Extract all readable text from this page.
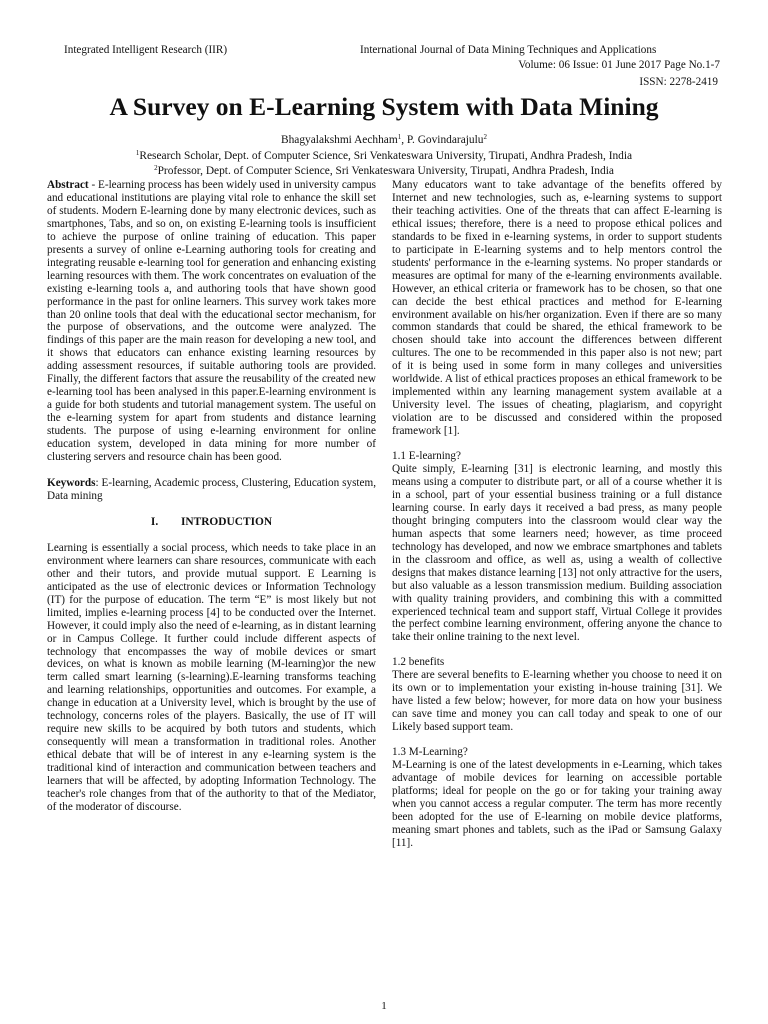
Integrated Intelligent Research (IIR)	International Journal of Data Mining Techniques and Applications
Volume: 06 Issue: 01 June 2017 Page No.1-7
ISSN: 2278-2419
A Survey on E-Learning System with Data Mining
Bhagyalakshmi Aechham$^1$, P. Govindarajulu$^2$
$^1$Research Scholar, Dept. of Computer Science, Sri Venkateswara University, Tirupati, Andhra Pradesh, India
$^2$Professor, Dept. of Computer Science, Sri Venkateswara University, Tirupati, Andhra Pradesh, India

Abstract - E-learning process has been widely used in university campus and educational institutions are playing vital role to enhance the skill set of students. Modern E-learning done by many electronic devices, such as smartphones, Tabs, and so on, on existing E-learning tools is insufficient to achieve the purpose of online training of education. This paper presents a survey of online e-Learning authoring tools for creating and integrating reusable e-learning tool for generation and enhancing existing learning resources with them. The work concentrates on evaluation of the existing e-learning tools a, and authoring tools that have shown good performance in the past for online learners. This survey work takes more than 20 online tools that deal with the educational sector mechanism, for the purpose of observations, and the outcome were analyzed. The findings of this paper are the main reason for developing a new tool, and it shows that educators can enhance existing learning resources by adding assessment resources, if suitable authoring tools are provided. Finally, the different factors that assure the reusability of the created new e-learning tool has been analysed in this paper.E-learning environment is a guide for both students and tutorial management system. The useful on the e-learning system for apart from students and distance learning students. The purpose of using e-learning environment for online education system, developed in data mining for more number of clustering servers and resource chain has been good.

Keywords: E-learning, Academic process, Clustering, Education system, Data mining

I.        INTRODUCTION

Learning is essentially a social process, which needs to take place in an environment where learners can share resources, communicate with each other and their tutors, and provide mutual support. E Learning is anticipated as the use of electronic devices or Information Technology (IT) for the purpose of education. The term “E” is most likely but not limited, implies e-learning process [4] to be conducted over the Internet. However, it could imply also the need of e-learning, as in distant learning or in Campus College. It further could include different aspects of technology that encompasses the way of mobile devices or smart devices, on what is known as mobile learning (M-learning)or the new term called smart learning (s-learning).E-learning transforms teaching and learning relationships, opportunities and outcomes. For example, a change in education at a University level, which is brought by the use of technology, concerns roles of the players. Basically, the use of IT will require new skills to be acquired by both tutors and students, which consequently will mean a transformation in traditional roles. Another ethical debate that will be of interest in any e-learning system is the traditional kind of interaction and communication between teachers and learners that will be affected, by adopting Information Technology. The teacher's role changes from that of the authority to that of the Mediator, of the moderator of discourse.

Many educators want to take advantage of the benefits offered by Internet and new technologies, such as, e-learning systems to support their teaching activities. One of the threats that can affect E-learning is ethical issues; therefore, there is a need to propose ethical polices and standards to be fixed in e-learning systems, in order to support students to participate in E-learning systems and to help mentors control the students' performance in the e-learning systems. No proper standards or measures are optimal for many of the e-learning environments available. However, an ethical criteria or framework has to be chosen, so that one can decide the best ethical practices and method for E-learning environment available on his/her organization. Even if there are so many common standards that could be shared, the ethical framework to be chosen should take into account the differences between different cultures. The one to be recommended in this paper also is not new; part of it is being used in some form in many colleges and universities worldwide. A list of ethical practices proposes an ethical framework to be implemented within any learning management system available at a University level. The issues of cheating, plagiarism, and copyright violation are to be discussed and considered within the proposed framework [1].

1.1 E-learning?

Quite simply, E-learning [31] is electronic learning, and mostly this means using a computer to distribute part, or all of a course whether it is in a school, part of your essential business training or a full distance learning course. In early days it received a bad press, as many people thought bringing computers into the classroom would clear way the human aspects that some learners need; however, as time proceed technology has developed, and now we embrace smartphones and tablets in the classroom and office, as well as, using a wealth of collective designs that makes distance learning [13] not only attractive for the users, but also valuable as a lesson transmission medium. Building association with quality training providers, and combining this with a committed experienced technical team and support staff, Virtual College it provides the perfect combine learning environment, offering anyone the chance to take their online training to the next level.

1.2 benefits

There are several benefits to E-learning whether you choose to need it on its own or to implementation your existing in-house training [31]. We have listed a few below; however, for more data on how your business can save time and money you can call today and speak to one of our Likely based support team.

1.3 M-Learning?

M-Learning is one of the latest developments in e-Learning, which takes advantage of mobile devices for learning on accessible portable platforms; ideal for people on the go or for taking your training away when you cannot access a regular computer. The term has more recently been adopted for the use of E-learning on mobile device platforms, meaning smart phones and tablets, such as the iPad or Samsung Galaxy [11].

1
